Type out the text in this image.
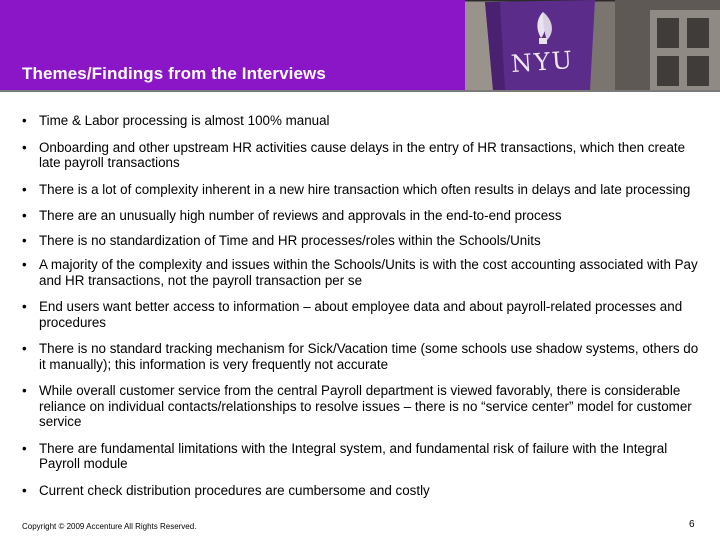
Themes/Findings from the Interviews	NYU
• Time & Labor processing is almost 100% manual
• Onboarding and other upstream HR activities cause delays in the entry of HR transactions, which then create late payroll transactions
• There is a lot of complexity inherent in a new hire transaction which often results in delays and late processing
• There are an unusually high number of reviews and approvals in the end-to-end process
• There is no standardization of Time and HR processes/roles within the Schools/Units
• A majority of the complexity and issues within the Schools/Units is with the cost accounting associated with Pay and HR transactions, not the payroll transaction per se
• End users want better access to information – about employee data and about payroll-related processes and procedures
• There is no standard tracking mechanism for Sick/Vacation time (some schools use shadow systems, others do it manually); this information is very frequently not accurate
• While overall customer service from the central Payroll department is viewed favorably, there is considerable reliance on individual contacts/relationships to resolve issues – there is no “service center” model for customer service
• There are fundamental limitations with the Integral system, and fundamental risk of failure with the Integral Payroll module
• Current check distribution procedures are cumbersome and costly
Copyright © 2009 Accenture All Rights Reserved.	6
